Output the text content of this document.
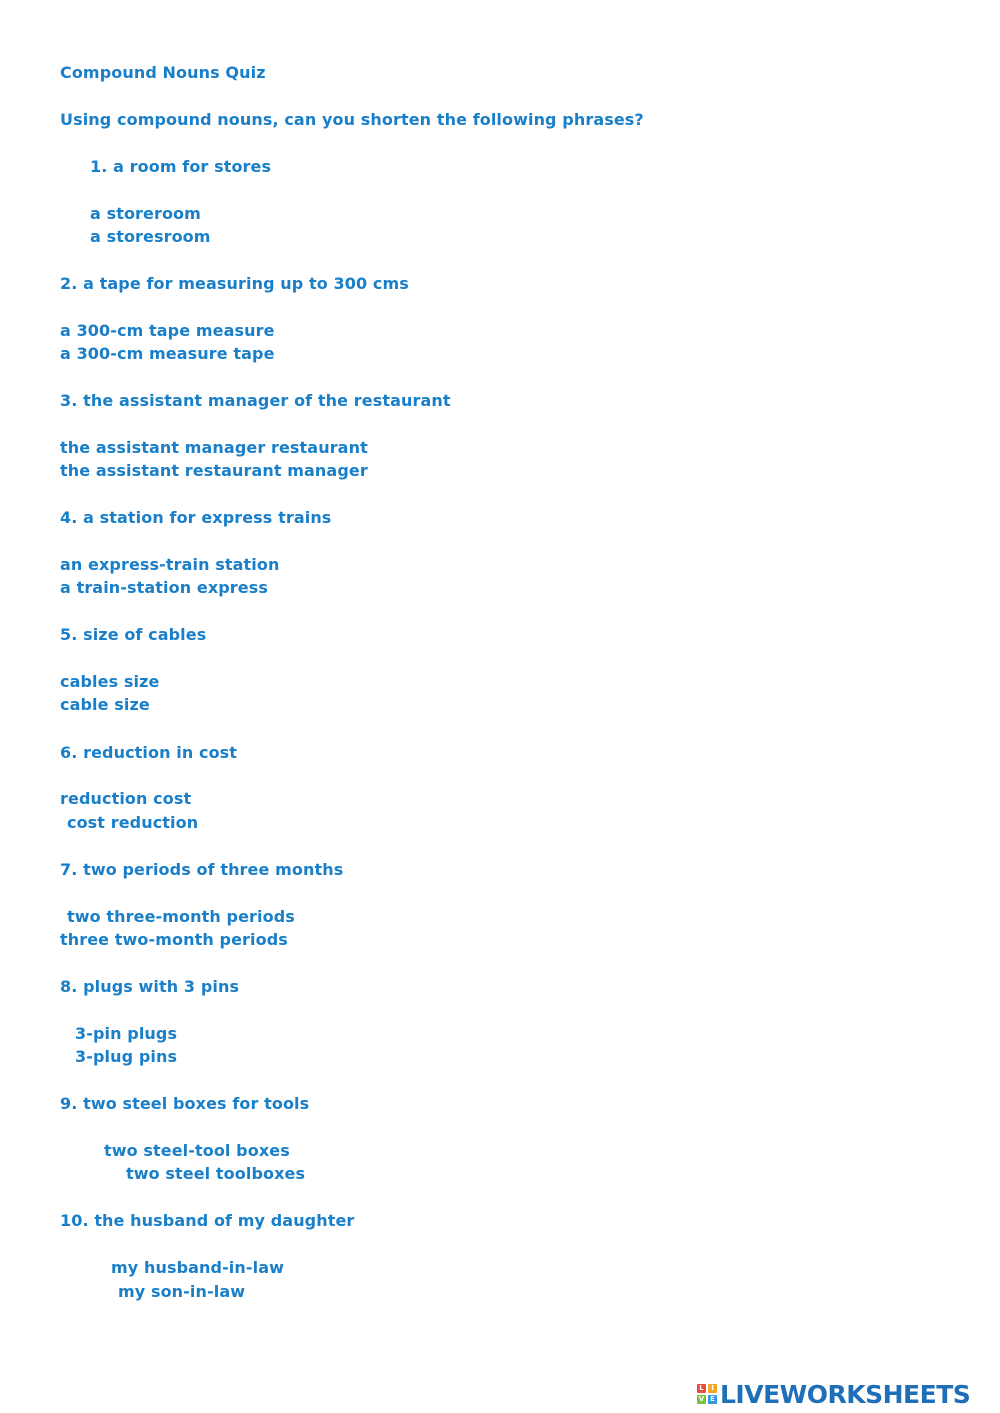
Compound Nouns Quiz
Using compound nouns, can you shorten the following phrases?
1. a room for stores
a storeroom
a storesroom
2. a tape for measuring up to 300 cms
a 300-cm tape measure
a 300-cm measure tape
3. the assistant manager of the restaurant
the assistant manager restaurant
the assistant restaurant manager
4. a station for express trains
an express-train station
a train-station express
5. size of cables
cables size
cable size
6. reduction in cost
reduction cost
cost reduction
7. two periods of three months
two three-month periods
three two-month periods
8. plugs with 3 pins
3-pin plugs
3-plug pins
9. two steel boxes for tools
two steel-tool boxes
two steel toolboxes
10. the husband of my daughter
my husband-in-law
my son-in-law
L	I
V E LIVEWORKSHEETS
